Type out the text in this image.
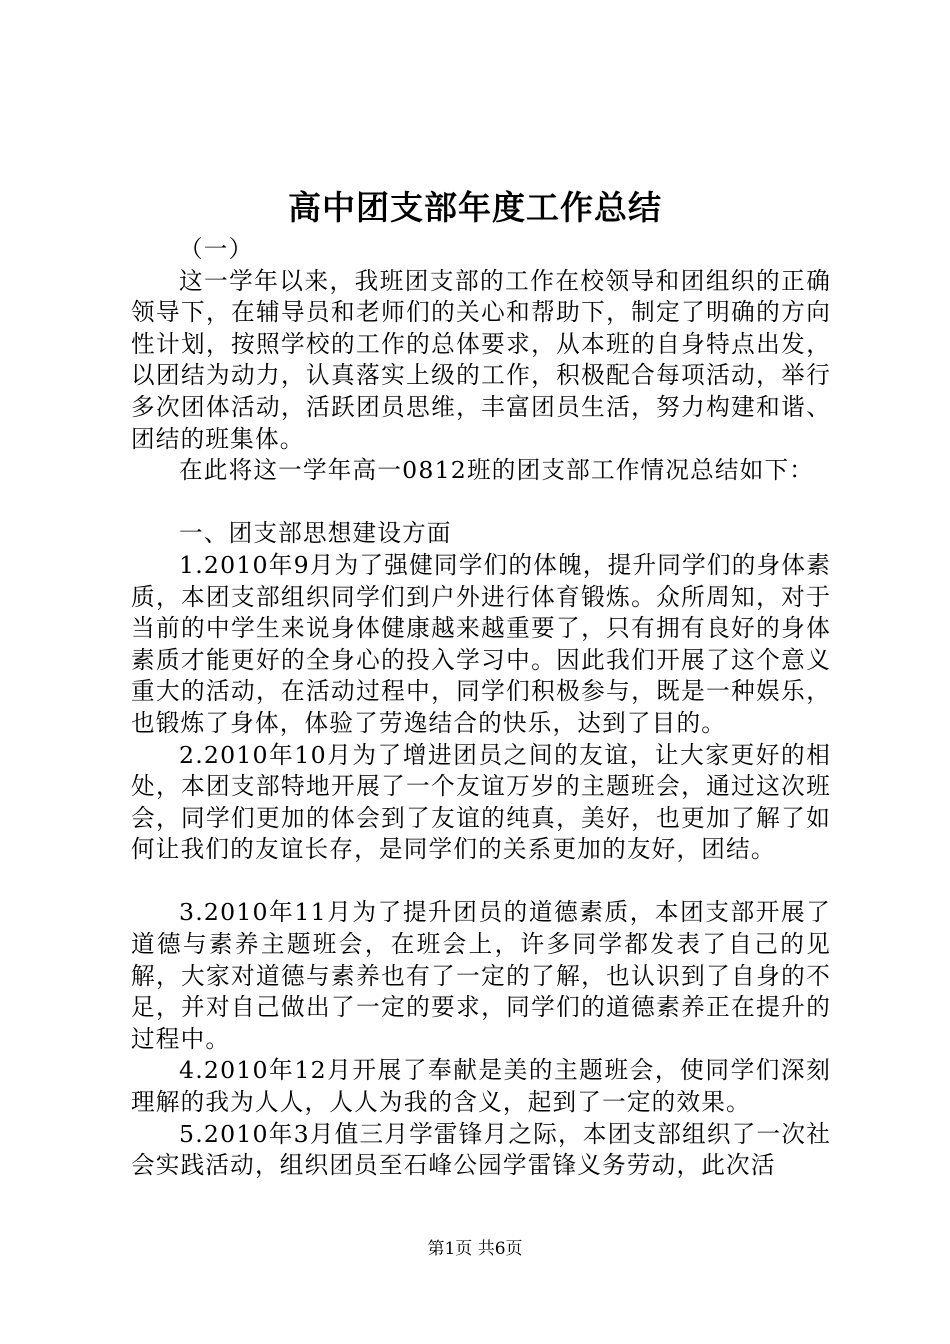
高中团支部年度工作总结

（一）

这一学年以来，我班团支部的工作在校领导和团组织的正确领导下，在辅导员和老师们的关心和帮助下，制定了明确的方向性计划，按照学校的工作的总体要求，从本班的自身特点出发，以团结为动力，认真落实上级的工作，积极配合每项活动，举行多次团体活动，活跃团员思维，丰富团员生活，努力构建和谐、团结的班集体。

在此将这一学年高一0812班的团支部工作情况总结如下：

一、团支部思想建设方面

1.2010年9月为了强健同学们的体魄，提升同学们的身体素质，本团支部组织同学们到户外进行体育锻炼。众所周知，对于当前的中学生来说身体健康越来越重要了，只有拥有良好的身体素质才能更好的全身心的投入学习中。因此我们开展了这个意义重大的活动，在活动过程中，同学们积极参与，既是一种娱乐，也锻炼了身体，体验了劳逸结合的快乐，达到了目的。

2.2010年10月为了增进团员之间的友谊，让大家更好的相处，本团支部特地开展了一个友谊万岁的主题班会，通过这次班会，同学们更加的体会到了友谊的纯真，美好，也更加了解了如何让我们的友谊长存，是同学们的关系更加的友好，团结。

3.2010年11月为了提升团员的道德素质，本团支部开展了道德与素养主题班会，在班会上，许多同学都发表了自己的见解，大家对道德与素养也有了一定的了解，也认识到了自身的不足，并对自己做出了一定的要求，同学们的道德素养正在提升的过程中。

4.2010年12月开展了奉献是美的主题班会，使同学们深刻理解的我为人人，人人为我的含义，起到了一定的效果。

5.2010年3月值三月学雷锋月之际，本团支部组织了一次社会实践活动，组织团员至石峰公园学雷锋义务劳动，此次活

第1页 共6页
